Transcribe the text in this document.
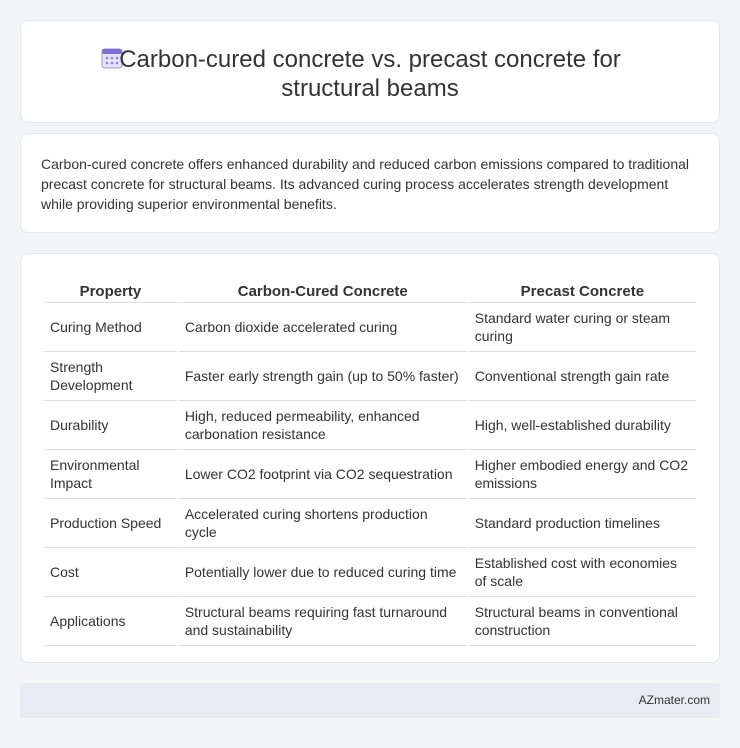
Carbon-cured concrete vs. precast concrete for structural beams

Carbon-cured concrete offers enhanced durability and reduced carbon emissions compared to traditional precast concrete for structural beams. Its advanced curing process accelerates strength development while providing superior environmental benefits.

Property	Carbon-Cured Concrete	Precast Concrete
Curing Method	Carbon dioxide accelerated curing	Standard water curing or steam curing
Strength Development	Faster early strength gain (up to 50% faster)	Conventional strength gain rate
Durability	High, reduced permeability, enhanced carbonation resistance	High, well-established durability
Environmental Impact	Lower CO2 footprint via CO2 sequestration	Higher embodied energy and CO2 emissions
Production Speed	Accelerated curing shortens production cycle	Standard production timelines
Cost	Potentially lower due to reduced curing time	Established cost with economies of scale
Applications	Structural beams requiring fast turnaround and sustainability	Structural beams in conventional construction
AZmater.com
